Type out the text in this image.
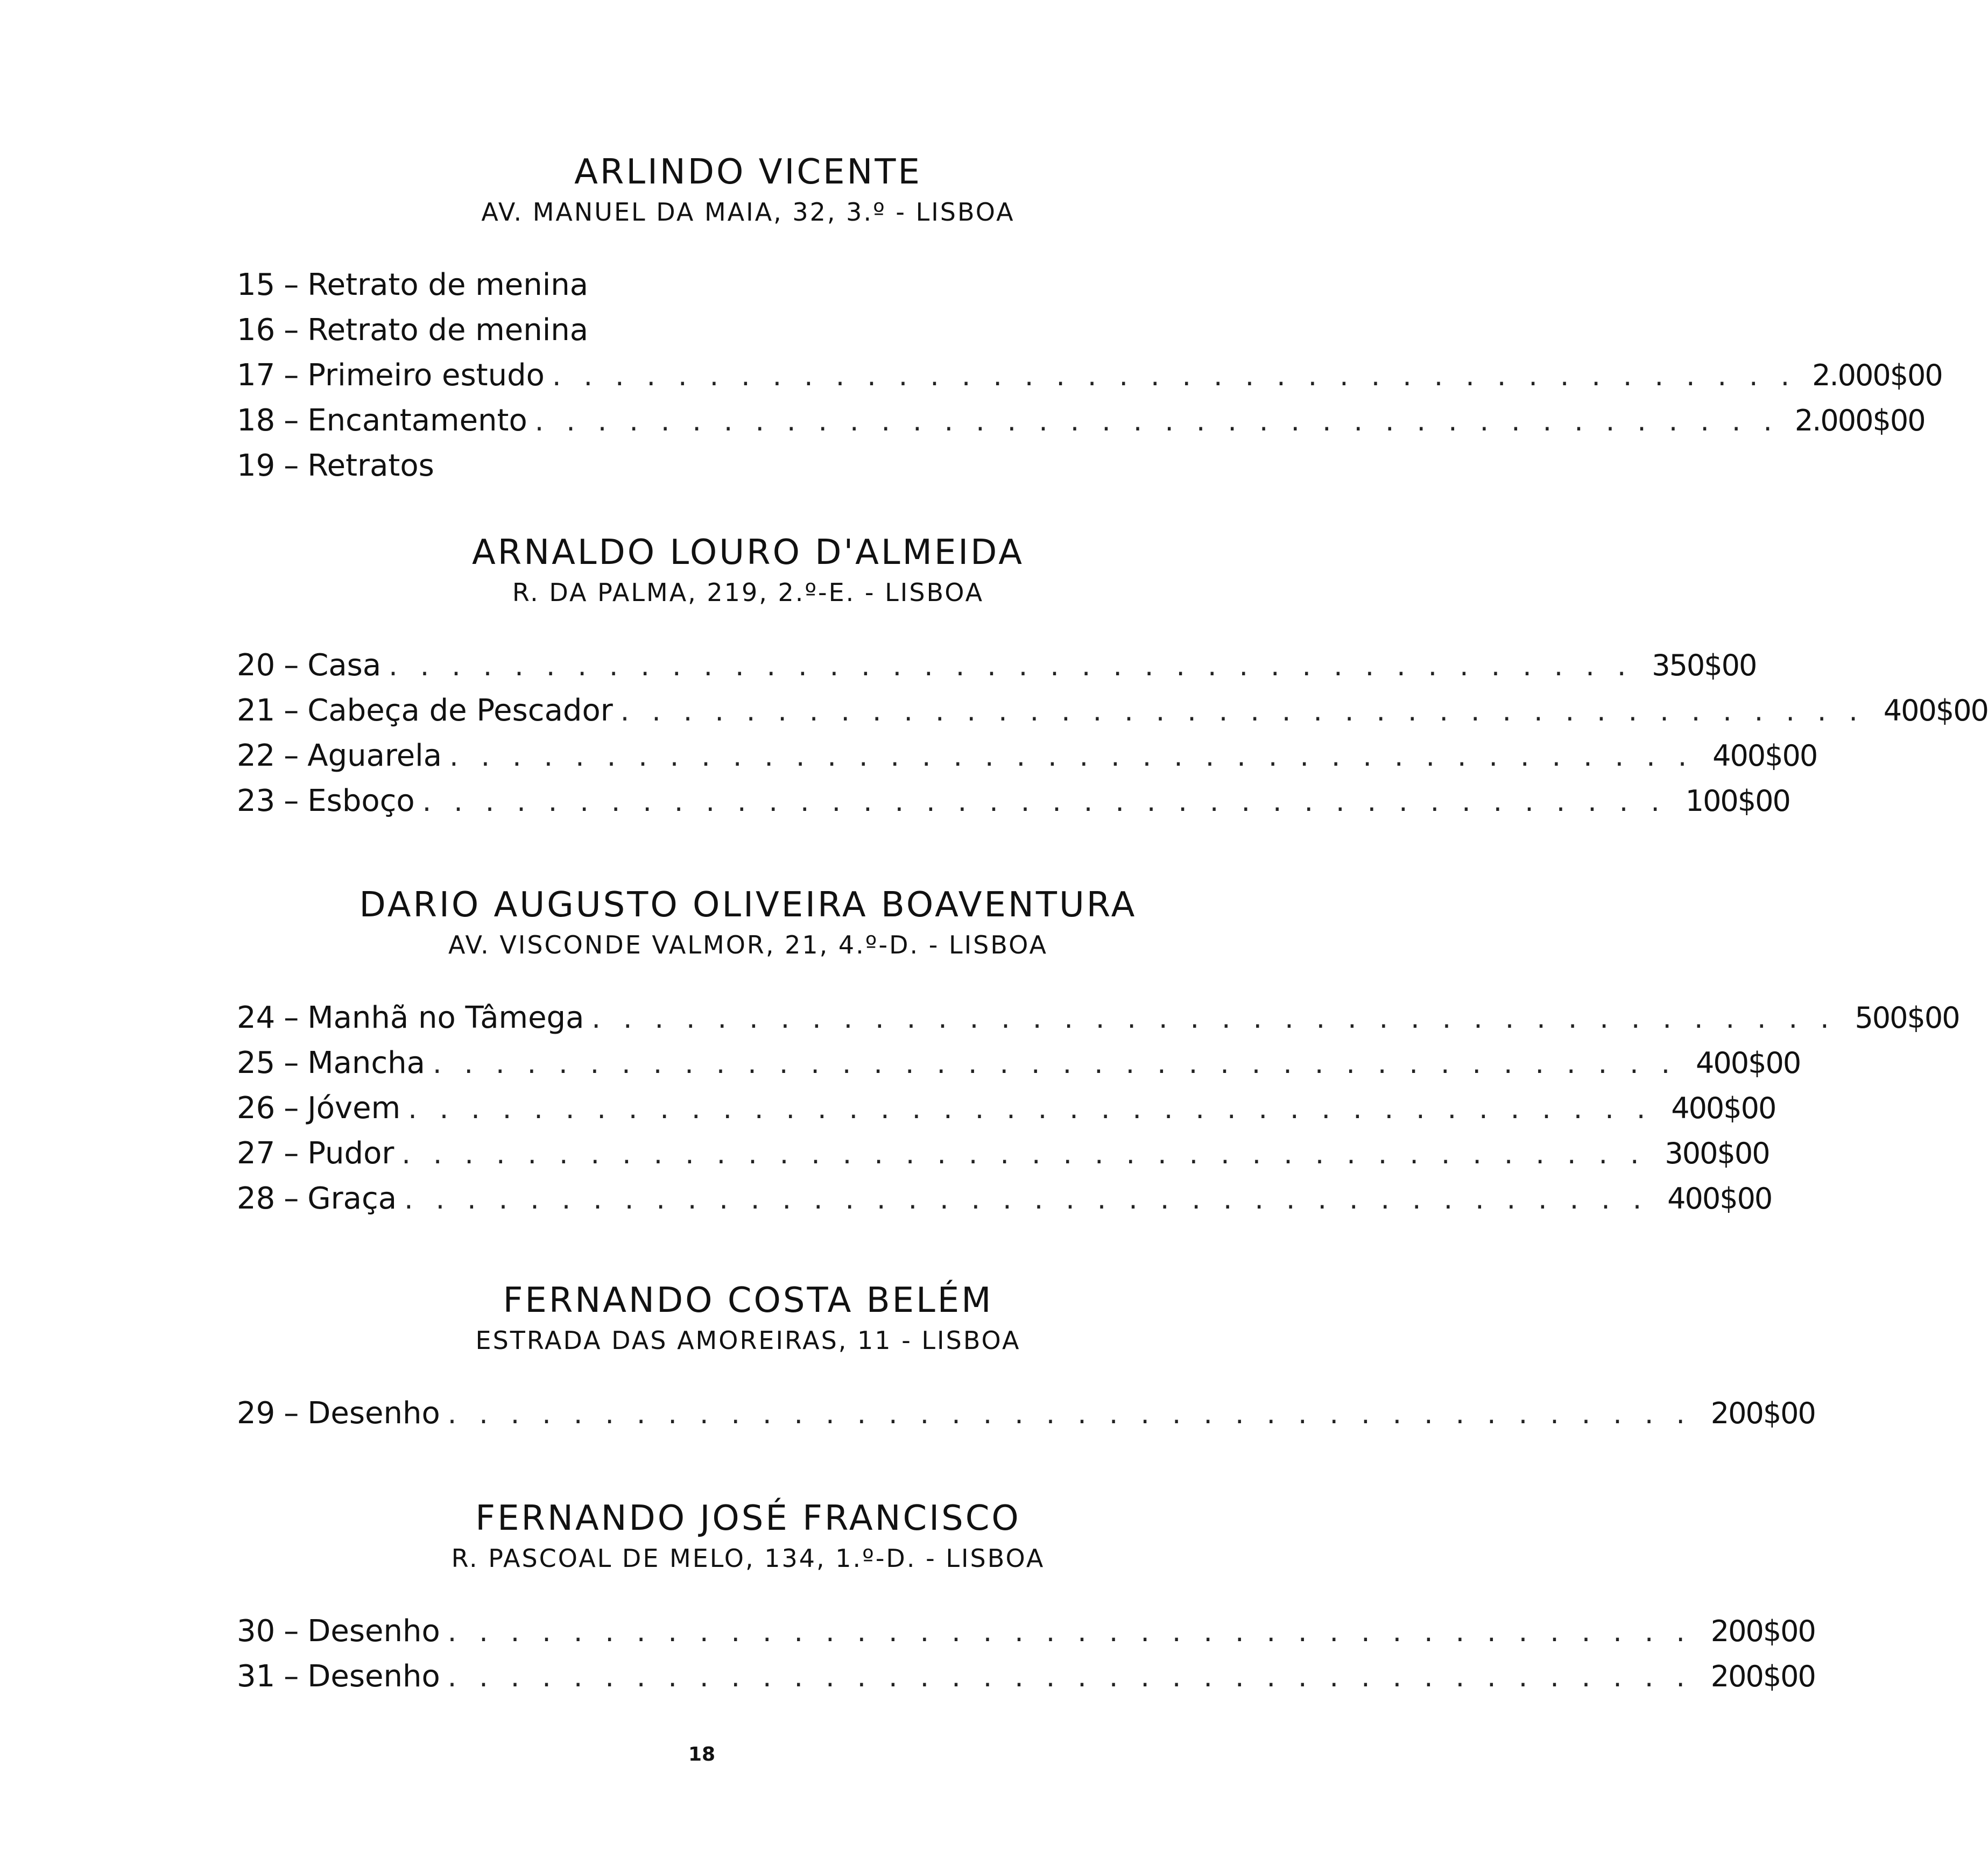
ARLINDO VICENTE
AV. MANUEL DA MAIA, 32, 3.º - LISBOA
15 – Retrato de menina
16 – Retrato de menina
17 – Primeiro estudo ........................................ 2.000$00
18 – Encantamento ........................................ 2.000$00
19 – Retratos
ARNALDO LOURO D'ALMEIDA
R. DA PALMA, 219, 2.º-E. - LISBOA
20 – Casa ........................................ 350$00
21 – Cabeça de Pescador ........................................ 400$00
22 – Aguarela ........................................ 400$00
23 – Esboço ........................................ 100$00
DARIO AUGUSTO OLIVEIRA BOAVENTURA
AV. VISCONDE VALMOR, 21, 4.º-D. - LISBOA
24 – Manhã no Tâmega ........................................ 500$00
25 – Mancha ........................................ 400$00
26 – Jóvem ........................................ 400$00
27 – Pudor ........................................ 300$00
28 – Graça ........................................ 400$00
FERNANDO COSTA BELÉM
ESTRADA DAS AMOREIRAS, 11 - LISBOA
29 – Desenho ........................................ 200$00
FERNANDO JOSÉ FRANCISCO
R. PASCOAL DE MELO, 134, 1.º-D. - LISBOA
30 – Desenho ........................................ 200$00
31 – Desenho ........................................ 200$00
18
